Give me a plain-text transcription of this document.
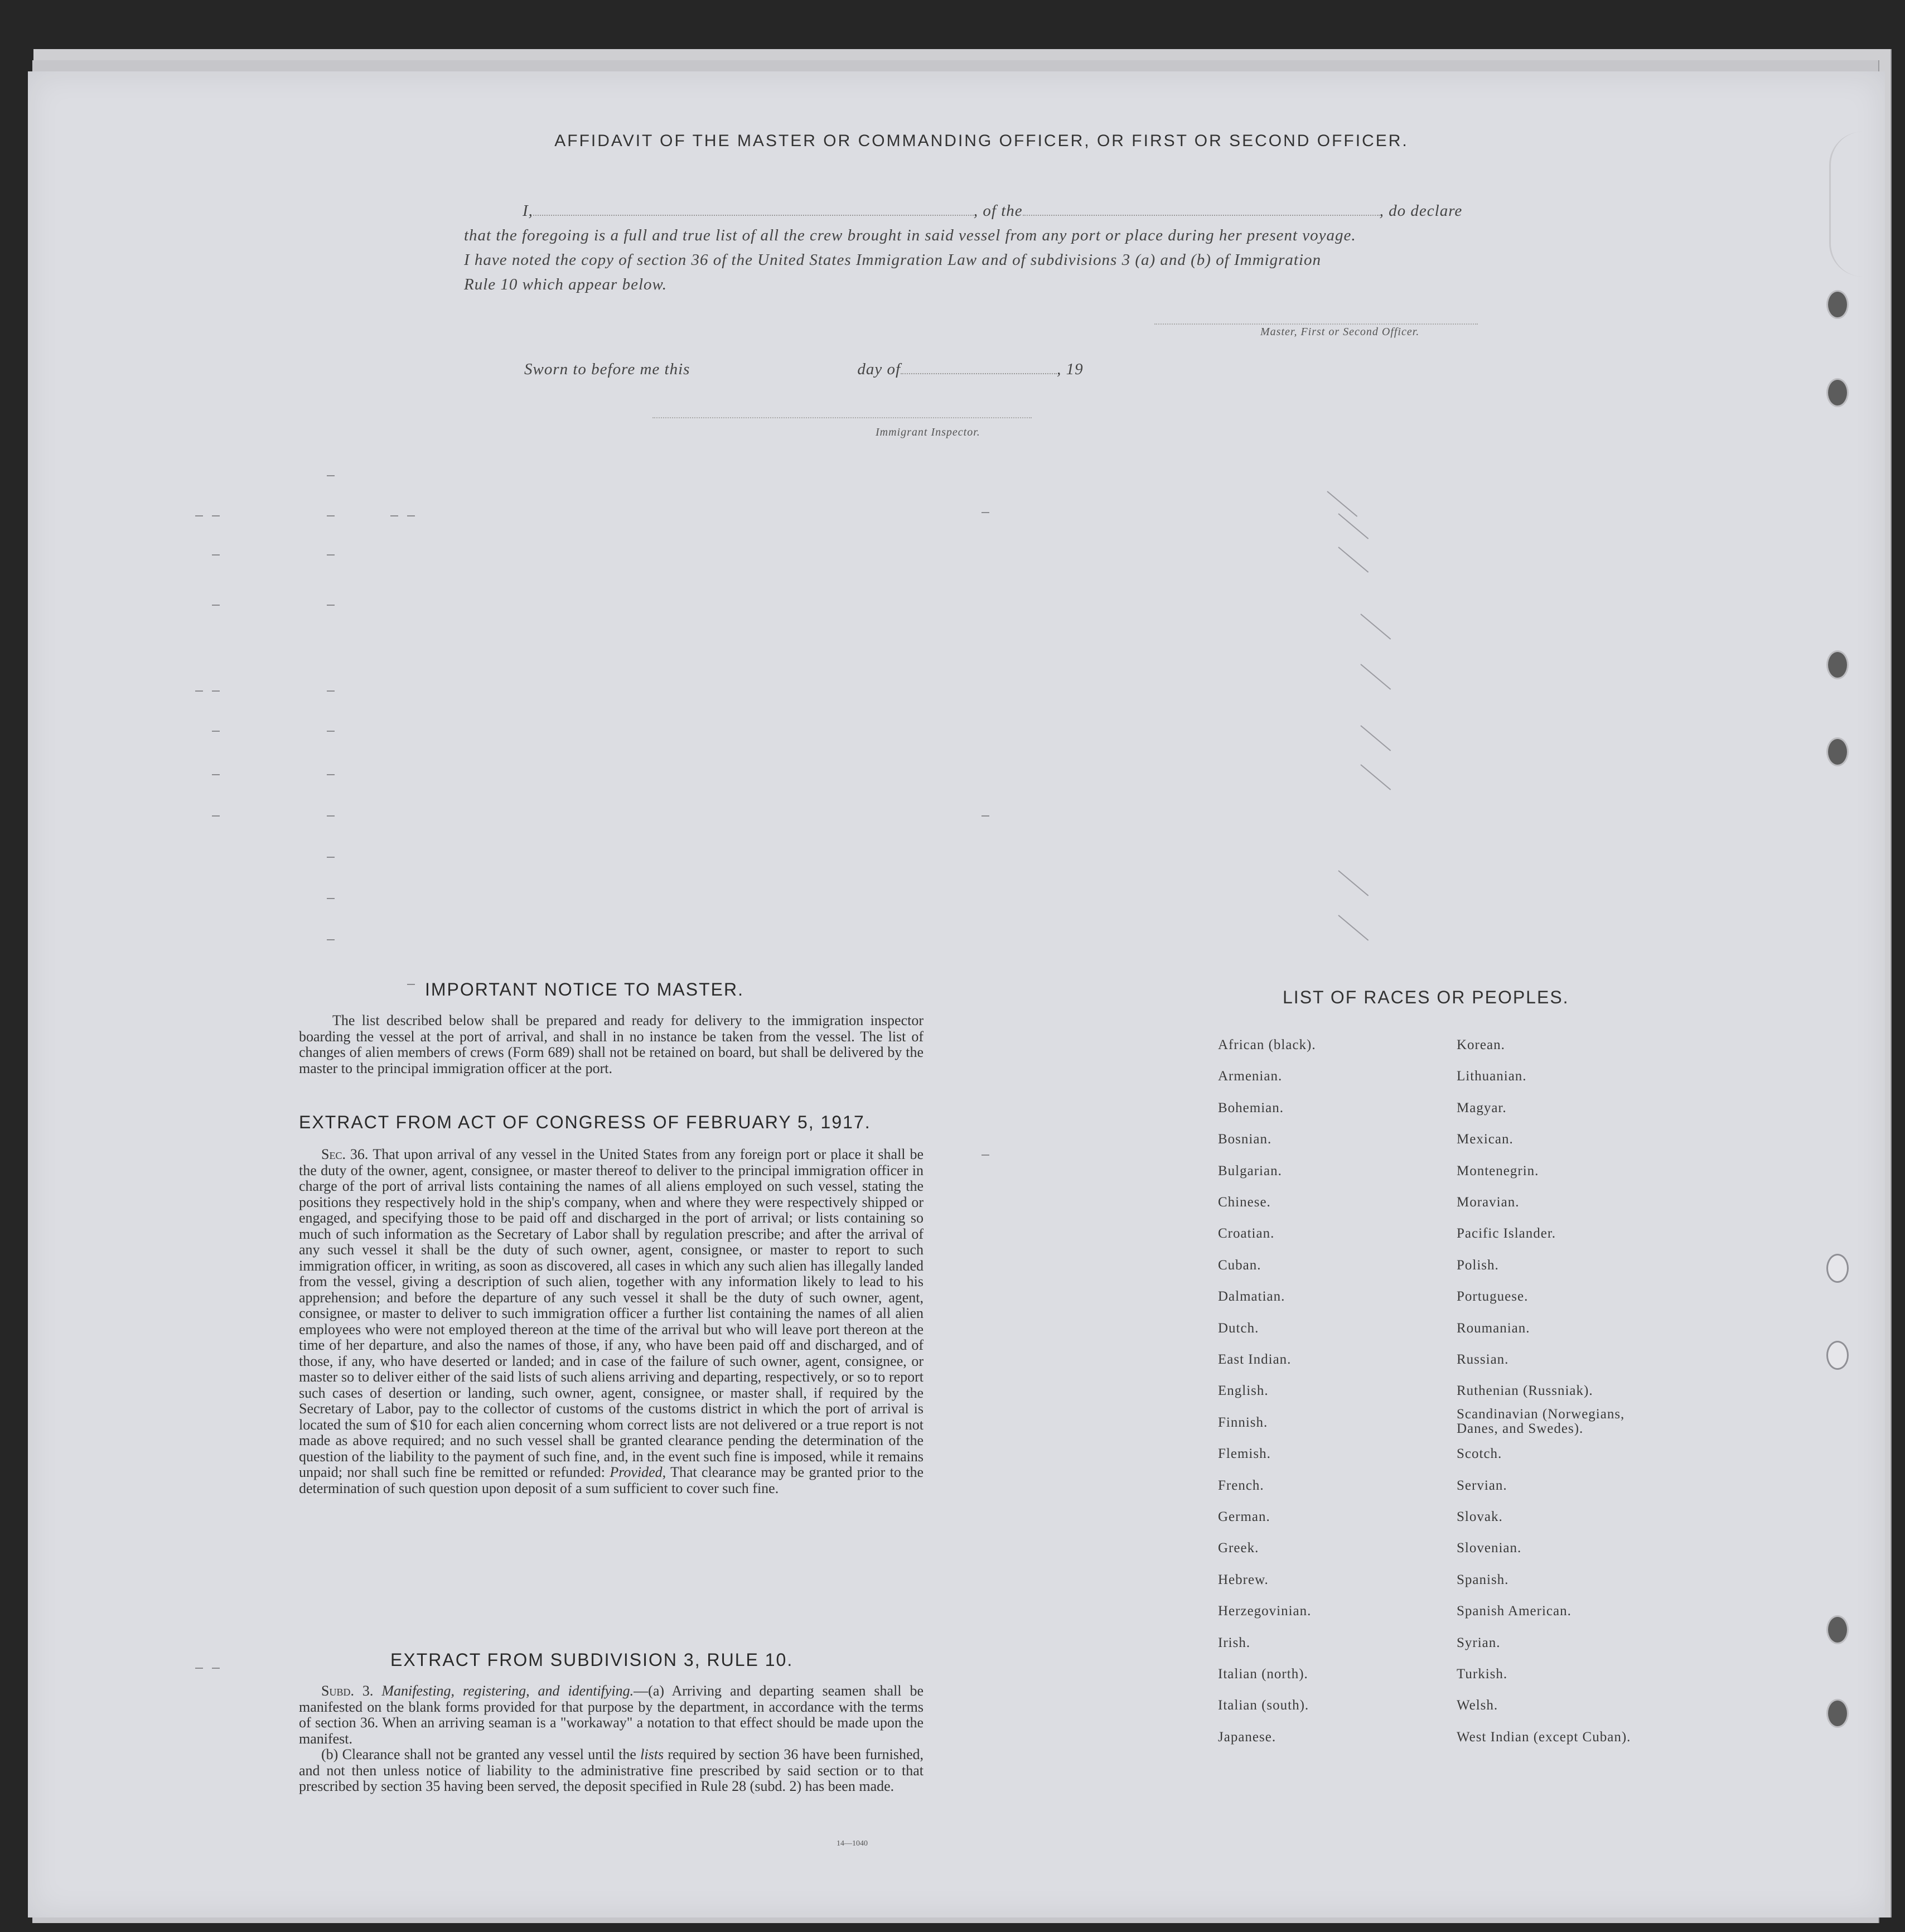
AFFIDAVIT OF THE MASTER OR COMMANDING OFFICER, OR FIRST OR SECOND OFFICER.
I,	, of the	, do declare
that the foregoing is a full and true list of all the crew brought in said vessel from any port or place during her present voyage.
I have noted the copy of section 36 of the United States Immigration Law and of subdivisions 3 (a) and (b) of Immigration
Rule 10 which appear below.
Master, First or Second Officer.
Sworn to before me this	day of	, 19
Immigrant Inspector.
IMPORTANT NOTICE TO MASTER.
The list described below shall be prepared and ready for delivery to the immigration inspector boarding the vessel at the port of arrival, and shall in no instance be taken from the vessel. The list of changes of alien members of crews (Form 689) shall not be retained on board, but shall be delivered by the master to the principal immigration officer at the port.
EXTRACT FROM ACT OF CONGRESS OF FEBRUARY 5, 1917.

Sec. 36. That upon arrival of any vessel in the United States from any foreign port or place it shall be the duty of the owner, agent, consignee, or master thereof to deliver to the principal immigration officer in charge of the port of arrival lists containing the names of all aliens employed on such vessel, stating the positions they respectively hold in the ship's company, when and where they were respectively shipped or engaged, and specifying those to be paid off and discharged in the port of arrival; or lists containing so much of such information as the Secretary of Labor shall by regulation prescribe; and after the arrival of any such vessel it shall be the duty of such owner, agent, consignee, or master to report to such immigration officer, in writing, as soon as discovered, all cases in which any such alien has illegally landed from the vessel, giving a description of such alien, together with any information likely to lead to his apprehension; and before the departure of any such vessel it shall be the duty of such owner, agent, consignee, or master to deliver to such immigration officer a further list containing the names of all alien employees who were not employed thereon at the time of the arrival but who will leave port thereon at the time of her departure, and also the names of those, if any, who have been paid off and discharged, and of those, if any, who have deserted or landed; and in case of the failure of such owner, agent, consignee, or master so to deliver either of the said lists of such aliens arriving and departing, respectively, or so to report such cases of desertion or landing, such owner, agent, consignee, or master shall, if required by the Secretary of Labor, pay to the collector of customs of the customs district in which the port of arrival is located the sum of $10 for each alien concerning whom correct lists are not delivered or a true report is not made as above required; and no such vessel shall be granted clearance pending the determination of the question of the liability to the payment of such fine, and, in the event such fine is imposed, while it remains unpaid; nor shall such fine be remitted or refunded: Provided, That clearance may be granted prior to the determination of such question upon deposit of a sum sufficient to cover such fine.

EXTRACT FROM SUBDIVISION 3, RULE 10.

Subd. 3. Manifesting, registering, and identifying.—(a) Arriving and departing seamen shall be manifested on the blank forms provided for that purpose by the department, in accordance with the terms of section 36. When an arriving seaman is a "workaway" a notation to that effect should be made upon the manifest.

(b) Clearance shall not be granted any vessel until the lists required by section 36 have been furnished, and not then unless notice of liability to the administrative fine prescribed by said section or to that prescribed by section 35 having been served, the deposit specified in Rule 28 (subd. 2) has been made.

14—1040
LIST OF RACES OR PEOPLES.
African (black).
Armenian.
Bohemian.
Bosnian.
Bulgarian.
Chinese.
Croatian.
Cuban.
Dalmatian.
Dutch.
East Indian.
English.
Finnish.
Flemish.
French.
German.
Greek.
Hebrew.
Herzegovinian.
Irish.
Italian (north).
Italian (south).
Japanese.
Korean.
Lithuanian.
Magyar.
Mexican.
Montenegrin.
Moravian.
Pacific Islander.
Polish.
Portuguese.
Roumanian.
Russian.
Ruthenian (Russniak).
Scandinavian (Norwegians, Danes, and Swedes).
Scotch.
Servian.
Slovak.
Slovenian.
Spanish.
Spanish American.
Syrian.
Turkish.
Welsh.
West Indian (except Cuban).
